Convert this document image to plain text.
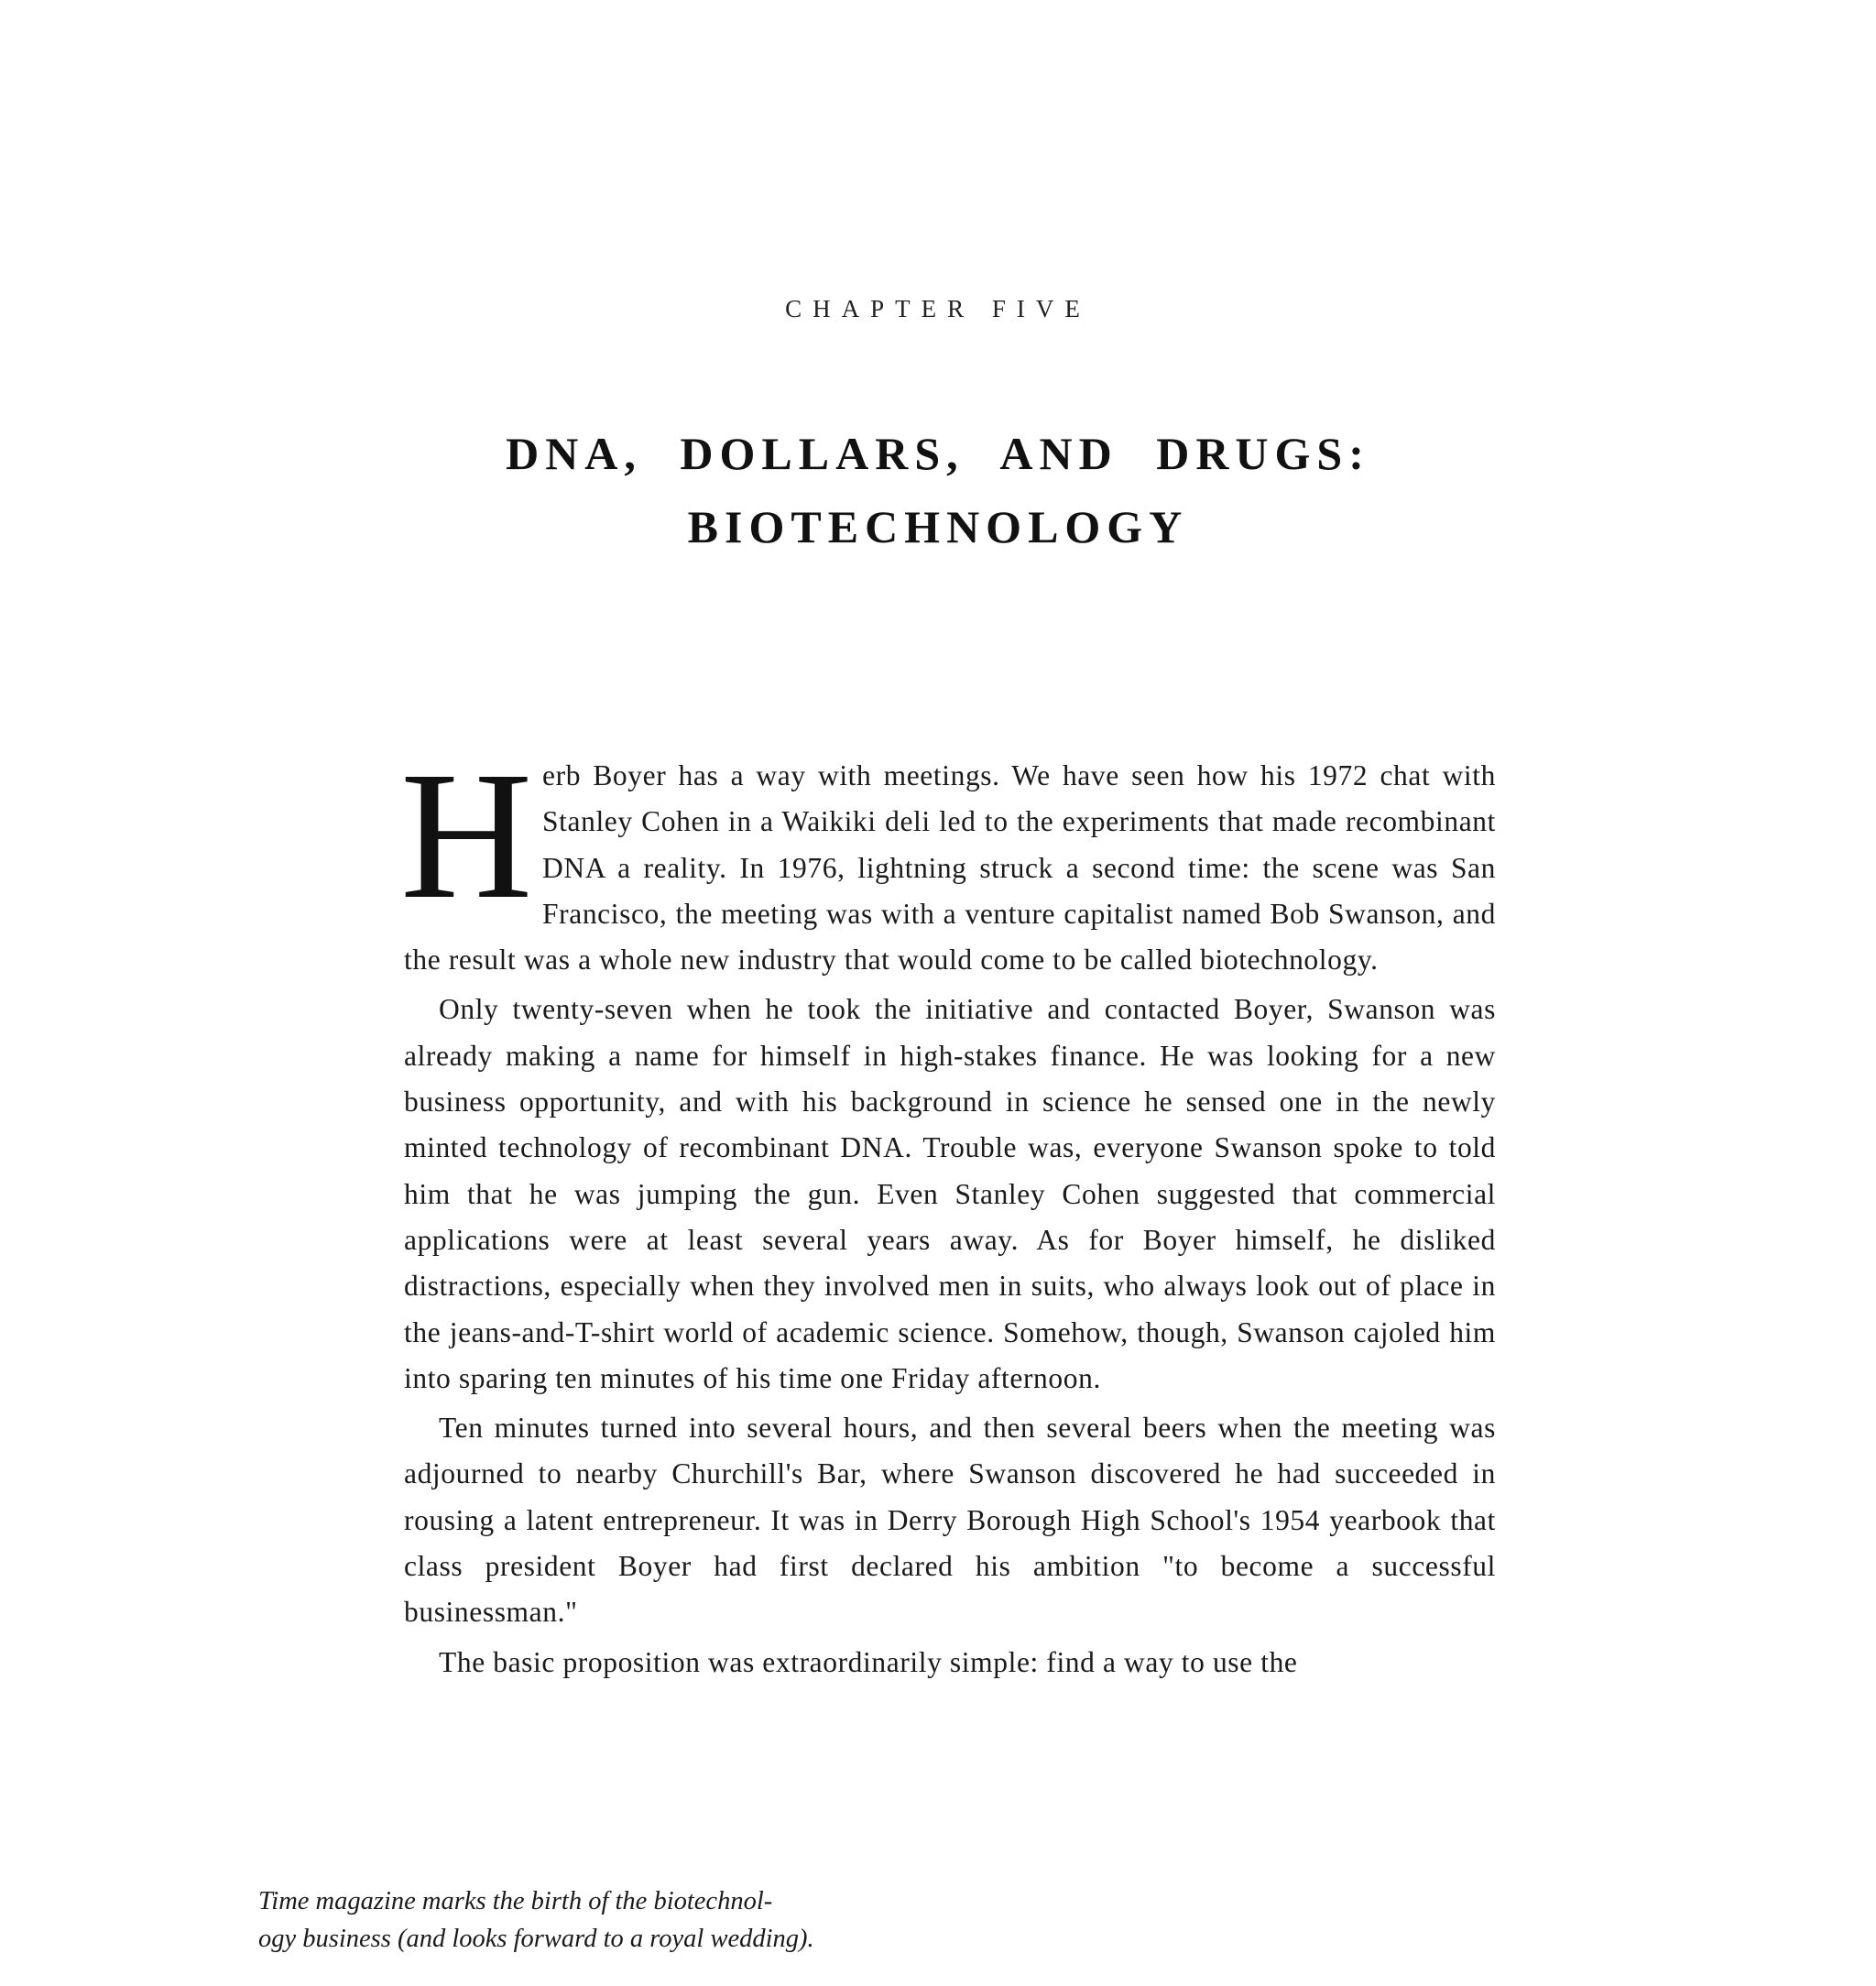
CHAPTER FIVE
DNA, DOLLARS, AND DRUGS:
BIOTECHNOLOGY

Herb Boyer has a way with meetings. We have seen how his 1972 chat with Stanley Cohen in a Waikiki deli led to the experiments that made recombinant DNA a reality. In 1976, lightning struck a second time: the scene was San Francisco, the meeting was with a venture capitalist named Bob Swanson, and the result was a whole new industry that would come to be called biotechnology.

Only twenty-seven when he took the initiative and contacted Boyer, Swanson was already making a name for himself in high-stakes finance. He was looking for a new business opportunity, and with his background in science he sensed one in the newly minted technology of recombinant DNA. Trouble was, everyone Swanson spoke to told him that he was jumping the gun. Even Stanley Cohen suggested that commercial applications were at least several years away. As for Boyer himself, he disliked distractions, especially when they involved men in suits, who always look out of place in the jeans-and-T-shirt world of academic science. Somehow, though, Swanson cajoled him into sparing ten minutes of his time one Friday afternoon.

Ten minutes turned into several hours, and then several beers when the meeting was adjourned to nearby Churchill's Bar, where Swanson discovered he had succeeded in rousing a latent entrepreneur. It was in Derry Borough High School's 1954 yearbook that class president Boyer had first declared his ambition "to become a successful businessman."

The basic proposition was extraordinarily simple: find a way to use the

Time magazine marks the birth of the biotechnol-
ogy business (and looks forward to a royal wedding).
